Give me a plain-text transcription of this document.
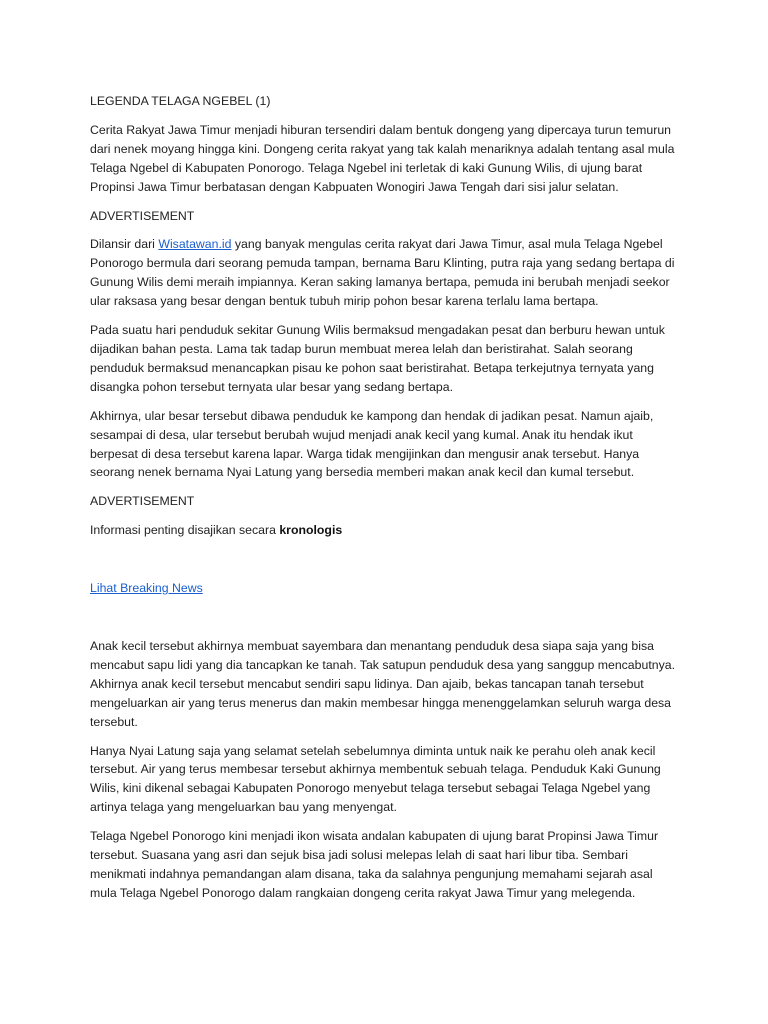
LEGENDA TELAGA NGEBEL (1)

Cerita Rakyat Jawa Timur menjadi hiburan tersendiri dalam bentuk dongeng yang dipercaya turun temurun dari nenek moyang hingga kini. Dongeng cerita rakyat yang tak kalah menariknya adalah tentang asal mula Telaga Ngebel di Kabupaten Ponorogo. Telaga Ngebel ini terletak di kaki Gunung Wilis, di ujung barat Propinsi Jawa Timur berbatasan dengan Kabpuaten Wonogiri Jawa Tengah dari sisi jalur selatan.

ADVERTISEMENT

Dilansir dari Wisatawan.id yang banyak mengulas cerita rakyat dari Jawa Timur, asal mula Telaga Ngebel Ponorogo bermula dari seorang pemuda tampan, bernama Baru Klinting, putra raja yang sedang bertapa di Gunung Wilis demi meraih impiannya. Keran saking lamanya bertapa, pemuda ini berubah menjadi seekor ular raksasa yang besar dengan bentuk tubuh mirip pohon besar karena terlalu lama bertapa.

Pada suatu hari penduduk sekitar Gunung Wilis bermaksud mengadakan pesat dan berburu hewan untuk dijadikan bahan pesta. Lama tak tadap burun membuat merea lelah dan beristirahat. Salah seorang penduduk bermaksud menancapkan pisau ke pohon saat beristirahat. Betapa terkejutnya ternyata yang disangka pohon tersebut ternyata ular besar yang sedang bertapa.

Akhirnya, ular besar tersebut dibawa penduduk ke kampong dan hendak di jadikan pesat. Namun ajaib, sesampai di desa, ular tersebut berubah wujud menjadi anak kecil yang kumal. Anak itu hendak ikut berpesat di desa tersebut karena lapar. Warga tidak mengijinkan dan mengusir anak tersebut. Hanya seorang nenek bernama Nyai Latung yang bersedia memberi makan anak kecil dan kumal tersebut.

ADVERTISEMENT

Informasi penting disajikan secara kronologis

Lihat Breaking News

Anak kecil tersebut akhirnya membuat sayembara dan menantang penduduk desa siapa saja yang bisa mencabut sapu lidi yang dia tancapkan ke tanah. Tak satupun penduduk desa yang sanggup mencabutnya. Akhirnya anak kecil tersebut mencabut sendiri sapu lidinya. Dan ajaib, bekas tancapan tanah tersebut mengeluarkan air yang terus menerus dan makin membesar hingga menenggelamkan seluruh warga desa tersebut.

Hanya Nyai Latung saja yang selamat setelah sebelumnya diminta untuk naik ke perahu oleh anak kecil tersebut. Air yang terus membesar tersebut akhirnya membentuk sebuah telaga. Penduduk Kaki Gunung Wilis, kini dikenal sebagai Kabupaten Ponorogo menyebut telaga tersebut sebagai Telaga Ngebel yang artinya telaga yang mengeluarkan bau yang menyengat.

Telaga Ngebel Ponorogo kini menjadi ikon wisata andalan kabupaten di ujung barat Propinsi Jawa Timur tersebut. Suasana yang asri dan sejuk bisa jadi solusi melepas lelah di saat hari libur tiba. Sembari menikmati indahnya pemandangan alam disana, taka da salahnya pengunjung memahami sejarah asal mula Telaga Ngebel Ponorogo dalam rangkaian dongeng cerita rakyat Jawa Timur yang melegenda.
